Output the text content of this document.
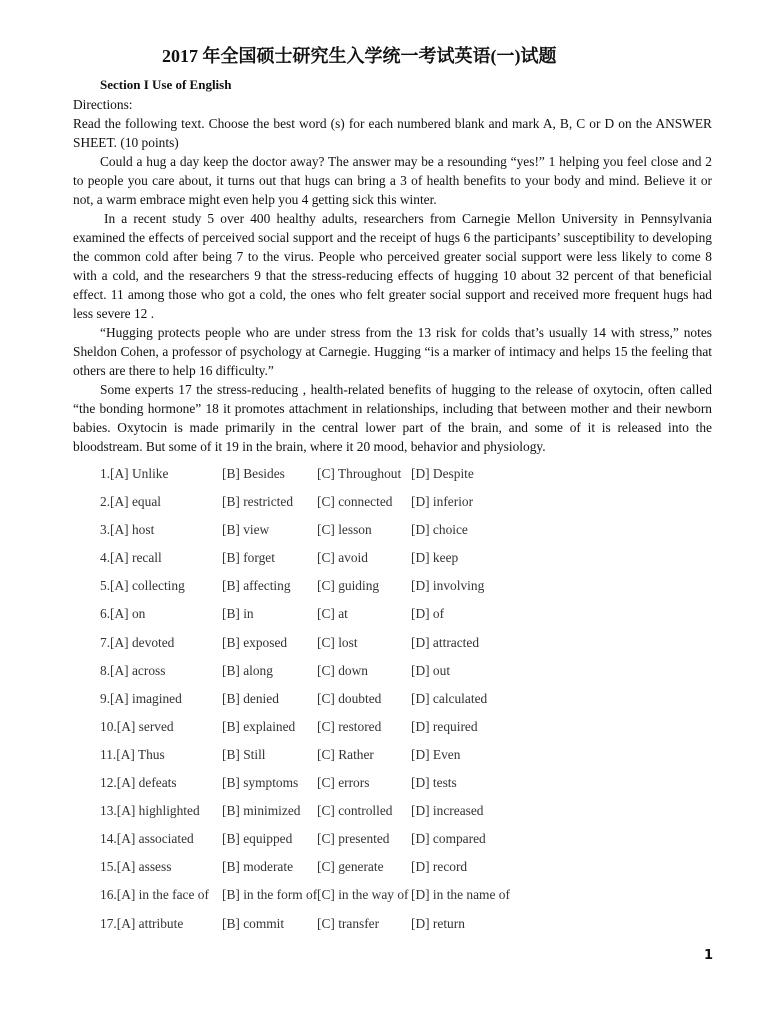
2017 年全国硕士研究生入学统一考试英语(一)试题
Section I Use of English
Directions:
Read the following text. Choose the best word (s) for each numbered blank and mark A, B, C or D on the ANSWER SHEET. (10 points)
Could a hug a day keep the doctor away? The answer may be a resounding “yes!” 1 helping you feel close and 2 to people you care about, it turns out that hugs can bring a 3 of health benefits to your body and mind. Believe it or not, a warm embrace might even help you 4 getting sick this winter.
In a recent study 5 over 400 healthy adults, researchers from Carnegie Mellon University in Pennsylvania examined the effects of perceived social support and the receipt of hugs 6 the participants’ susceptibility to developing the common cold after being 7 to the virus. People who perceived greater social support were less likely to come 8 with a cold, and the researchers 9 that the stress-reducing effects of hugging 10 about 32 percent of that beneficial effect. 11 among those who got a cold, the ones who felt greater social support and received more frequent hugs had less severe 12 .
“Hugging protects people who are under stress from the 13 risk for colds that’s usually 14 with stress,” notes Sheldon Cohen, a professor of psychology at Carnegie. Hugging “is a marker of intimacy and helps 15 the feeling that others are there to help 16 difficulty.”
Some experts 17 the stress-reducing , health-related benefits of hugging to the release of oxytocin, often called “the bonding hormone” 18 it promotes attachment in relationships, including that between mother and their newborn babies. Oxytocin is made primarily in the central lower part of the brain, and some of it is released into the bloodstream. But some of it 19 in the brain, where it 20 mood, behavior and physiology.
1.[A] Unlike	[B] Besides [C] Throughout [D] Despite
2.[A] equal	[B] restricted [C] connected [D] inferior
3.[A] host	[B] view	[C] lesson	[D] choice
4.[A] recall	[B] forget	[C] avoid	[D] keep
5.[A] collecting	[B] affecting [C] guiding [D] involving
6.[A] on	[B] in	[C] at	[D] of
7.[A] devoted	[B] exposed [C] lost	[D] attracted
8.[A] across	[B] along	[C] down	[D] out
9.[A] imagined	[B] denied	[C] doubted [D] calculated
10.[A] served	[B] explained [C] restored [D] required
11.[A] Thus	[B] Still	[C] Rather	[D] Even
12.[A] defeats	[B] symptoms [C] errors	[D] tests
13.[A] highlighted [B] minimized [C] controlled [D] increased
14.[A] associated [B] equipped [C] presented [D] compared
15.[A] assess	[B] moderate [C] generate [D] record
16.[A] in the face of [B] in the form of [C] in the way of [D] in the name of
17.[A] attribute	[B] commit [C] transfer [D] return
1
